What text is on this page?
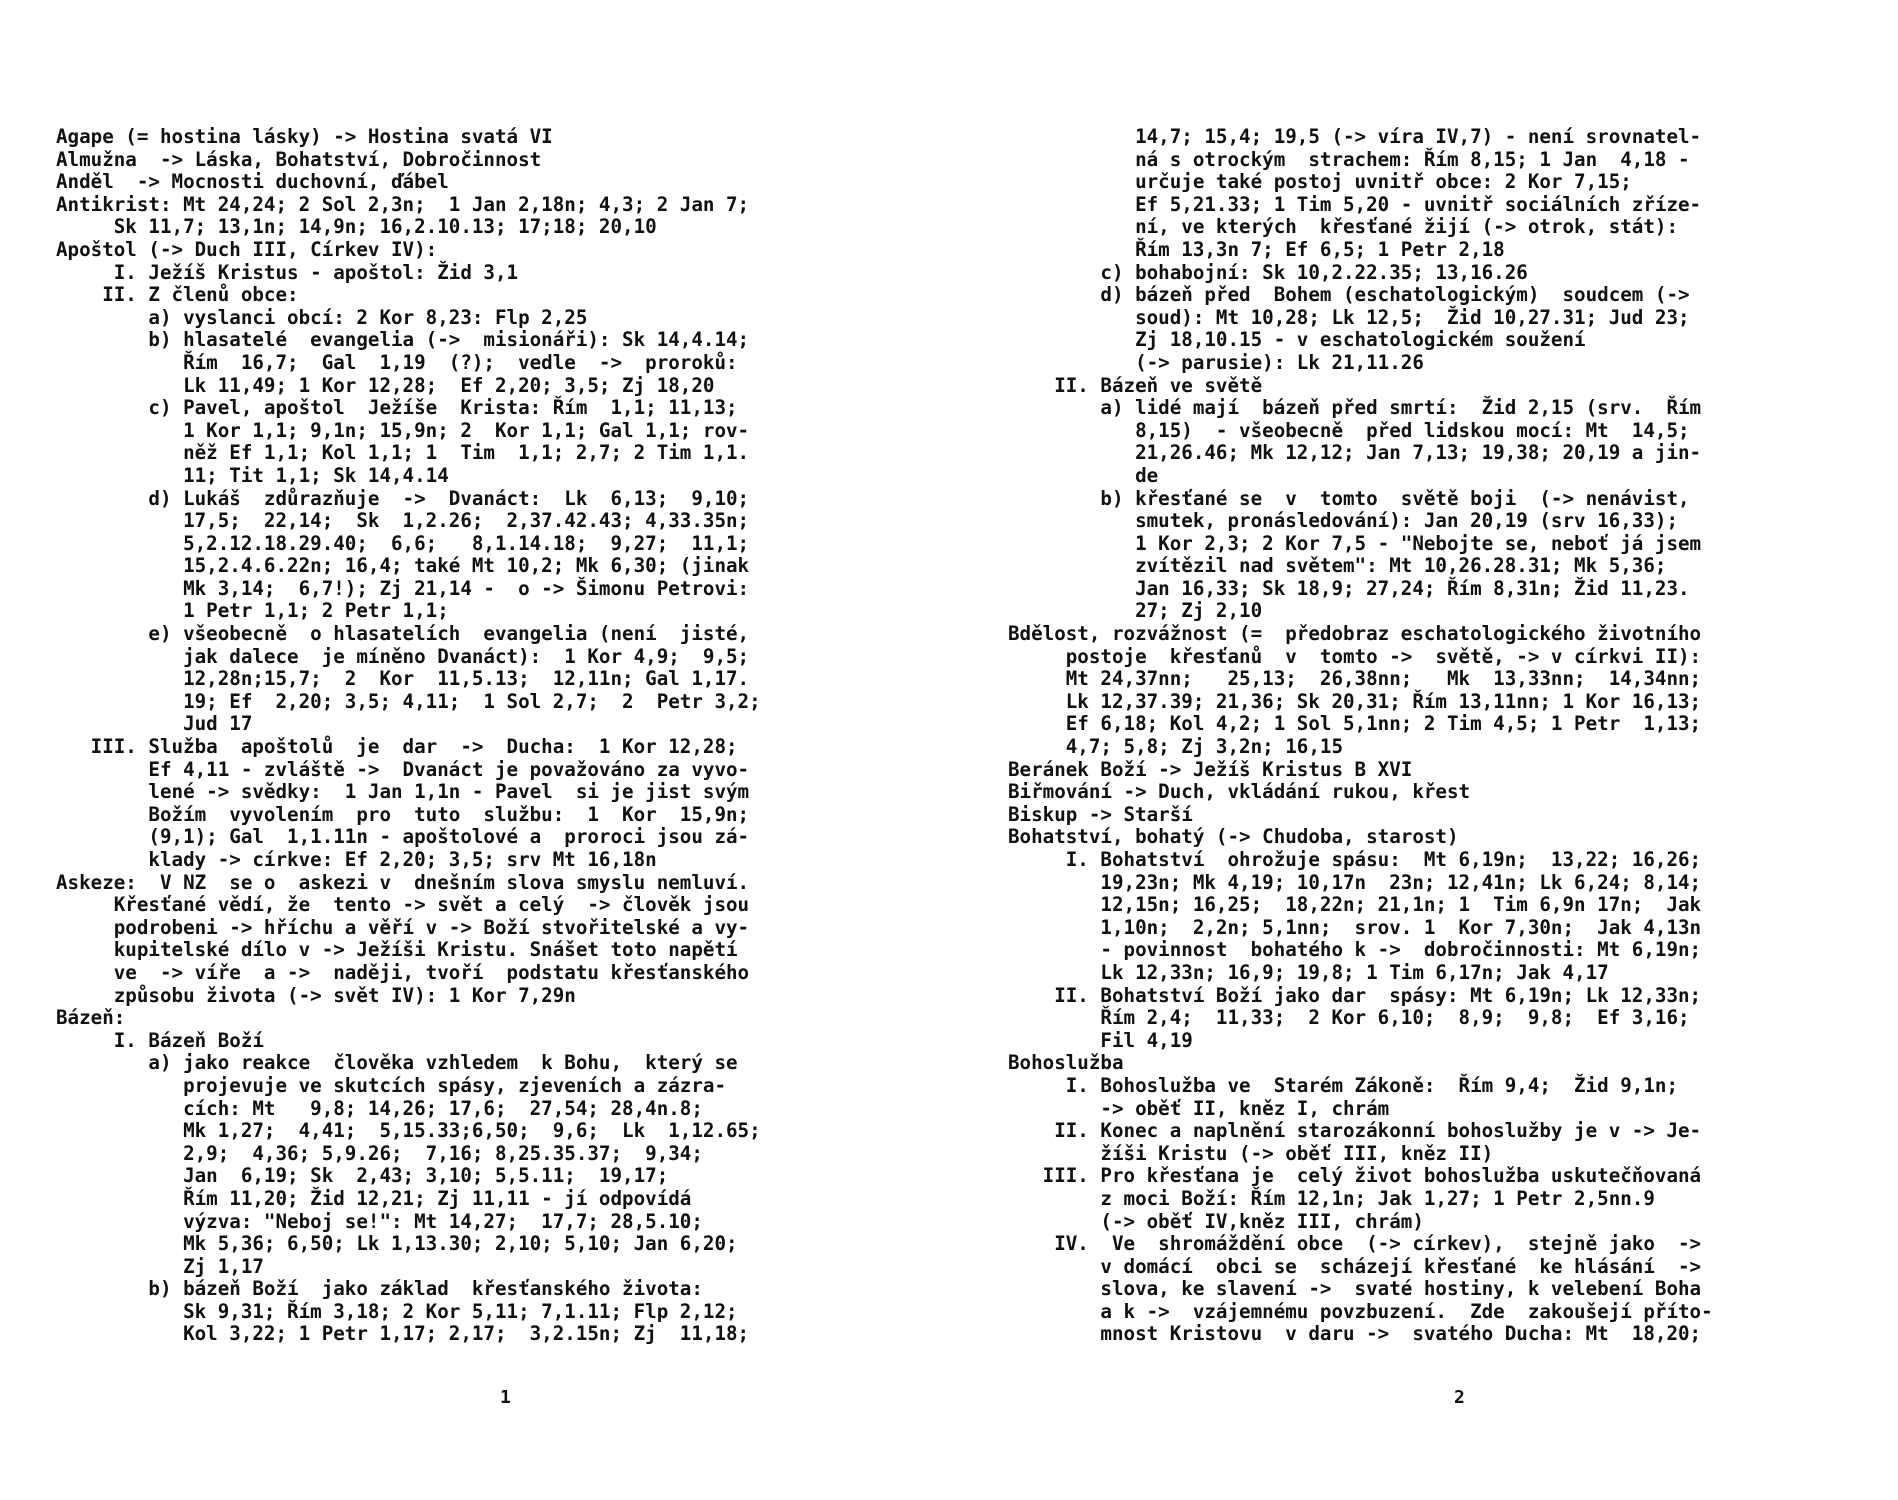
Agape (= hostina lásky) -> Hostina svatá VI
Almužna  -> Láska, Bohatství, Dobročinnost
Anděl  -> Mocnosti duchovní, ďábel
Antikrist: Mt 24,24; 2 Sol 2,3n;  1 Jan 2,18n; 4,3; 2 Jan 7;
Sk 11,7; 13,1n; 14,9n; 16,2.10.13; 17;18; 20,10
Apoštol (-> Duch III, Církev IV):
I. Ježíš Kristus - apoštol: Žid 3,1
II. Z členů obce:
a) vyslanci obcí: 2 Kor 8,23: Flp 2,25
b) hlasatelé  evangelia (->  misionáři): Sk 14,4.14;
Řím  16,7;  Gal  1,19  (?);  vedle  ->  proroků:
Lk 11,49; 1 Kor 12,28;  Ef 2,20; 3,5; Zj 18,20
c) Pavel, apoštol  Ježíše  Krista: Řím  1,1; 11,13;
1 Kor 1,1; 9,1n; 15,9n; 2  Kor 1,1; Gal 1,1; rov-
něž Ef 1,1; Kol 1,1; 1  Tim  1,1; 2,7; 2 Tim 1,1.
11; Tit 1,1; Sk 14,4.14
d) Lukáš  zdůrazňuje  ->  Dvanáct:  Lk  6,13;  9,10;
17,5;  22,14;  Sk  1,2.26;  2,37.42.43; 4,33.35n;
5,2.12.18.29.40;  6,6;   8,1.14.18;  9,27;  11,1;
15,2.4.6.22n; 16,4; také Mt 10,2; Mk 6,30; (jinak
Mk 3,14;  6,7!); Zj 21,14 -  o -> Šimonu Petrovi:
1 Petr 1,1; 2 Petr 1,1;
e) všeobecně  o hlasatelích  evangelia (není  jisté,
jak dalece  je míněno Dvanáct):  1 Kor 4,9;  9,5;
12,28n;15,7;  2  Kor  11,5.13;  12,11n; Gal 1,17.
19; Ef  2,20; 3,5; 4,11;  1 Sol 2,7;  2  Petr 3,2;
Jud 17
III. Služba  apoštolů  je  dar  ->  Ducha:  1 Kor 12,28;
Ef 4,11 - zvláště ->  Dvanáct je považováno za vyvo-
lené -> svědky:  1 Jan 1,1n - Pavel  si je jist svým
Božím  vyvolením  pro  tuto  službu:  1  Kor  15,9n;
(9,1); Gal  1,1.11n - apoštolové a  proroci jsou zá-
klady -> církve: Ef 2,20; 3,5; srv Mt 16,18n
Askeze:  V NZ  se o  askezi v  dnešním slova smyslu nemluví.
Křesťané vědí, že  tento -> svět a celý  -> člověk jsou
podrobeni -> hříchu a věří v -> Boží stvořitelské a vy-
kupitelské dílo v -> Ježíši Kristu. Snášet toto napětí
ve  -> víře  a ->  naději, tvoří  podstatu křesťanského
způsobu života (-> svět IV): 1 Kor 7,29n
Bázeň:
I. Bázeň Boží
a) jako reakce  člověka vzhledem  k Bohu,  který se
projevuje ve skutcích spásy, zjeveních a zázra-
cích: Mt   9,8; 14,26; 17,6;  27,54; 28,4n.8;
Mk 1,27;  4,41;  5,15.33;6,50;  9,6;  Lk  1,12.65;
2,9;  4,36; 5,9.26;  7,16; 8,25.35.37;  9,34;
Jan  6,19; Sk  2,43; 3,10; 5,5.11;  19,17;
Řím 11,20; Žid 12,21; Zj 11,11 - jí odpovídá
výzva: "Neboj se!": Mt 14,27;  17,7; 28,5.10;
Mk 5,36; 6,50; Lk 1,13.30; 2,10; 5,10; Jan 6,20;
Zj 1,17
b) bázeň Boží  jako základ  křesťanského života:
Sk 9,31; Řím 3,18; 2 Kor 5,11; 7,1.11; Flp 2,12;
Kol 3,22; 1 Petr 1,17; 2,17;  3,2.15n; Zj  11,18;
14,7; 15,4; 19,5 (-> víra IV,7) - není srovnatel-
ná s otrockým  strachem: Řím 8,15; 1 Jan  4,18 -
určuje také postoj uvnitř obce: 2 Kor 7,15;
Ef 5,21.33; 1 Tim 5,20 - uvnitř sociálních zříze-
ní, ve kterých  křesťané žijí (-> otrok, stát):
Řím 13,3n 7; Ef 6,5; 1 Petr 2,18
c) bohabojní: Sk 10,2.22.35; 13,16.26
d) bázeň před  Bohem (eschatologickým)  soudcem (->
soud): Mt 10,28; Lk 12,5;  Žid 10,27.31; Jud 23;
Zj 18,10.15 - v eschatologickém soužení
(-> parusie): Lk 21,11.26
II. Bázeň ve světě
a) lidé mají  bázeň před smrtí:  Žid 2,15 (srv.  Řím
8,15)  - všeobecně  před lidskou mocí: Mt  14,5;
21,26.46; Mk 12,12; Jan 7,13; 19,38; 20,19 a jin-
de
b) křesťané se  v  tomto  světě boji  (-> nenávist,
smutek, pronásledování): Jan 20,19 (srv 16,33);
1 Kor 2,3; 2 Kor 7,5 - "Nebojte se, neboť já jsem
zvítězil nad světem": Mt 10,26.28.31; Mk 5,36;
Jan 16,33; Sk 18,9; 27,24; Řím 8,31n; Žid 11,23.
27; Zj 2,10
Bdělost, rozvážnost (=  předobraz eschatologického životního
postoje  křesťanů  v  tomto ->  světě, -> v církvi II):
Mt 24,37nn;   25,13;  26,38nn;   Mk  13,33nn;  14,34nn;
Lk 12,37.39; 21,36; Sk 20,31; Řím 13,11nn; 1 Kor 16,13;
Ef 6,18; Kol 4,2; 1 Sol 5,1nn; 2 Tim 4,5; 1 Petr  1,13;
4,7; 5,8; Zj 3,2n; 16,15
Beránek Boží -> Ježíš Kristus B XVI
Biřmování -> Duch, vkládání rukou, křest
Biskup -> Starší
Bohatství, bohatý (-> Chudoba, starost)
I. Bohatství  ohrožuje spásu:  Mt 6,19n;  13,22; 16,26;
19,23n; Mk 4,19; 10,17n  23n; 12,41n; Lk 6,24; 8,14;
12,15n; 16,25;  18,22n; 21,1n; 1  Tim 6,9n 17n;  Jak
1,10n;  2,2n; 5,1nn;  srov. 1  Kor 7,30n;  Jak 4,13n
- povinnost  bohatého k ->  dobročinnosti: Mt 6,19n;
Lk 12,33n; 16,9; 19,8; 1 Tim 6,17n; Jak 4,17
II. Bohatství Boží jako dar  spásy: Mt 6,19n; Lk 12,33n;
Řím 2,4;  11,33;  2 Kor 6,10;  8,9;  9,8;  Ef 3,16;
Fil 4,19
Bohoslužba
I. Bohoslužba ve  Starém Zákoně:  Řím 9,4;  Žid 9,1n;
-> oběť II, kněz I, chrám
II. Konec a naplnění starozákonní bohoslužby je v -> Je-
žíši Kristu (-> oběť III, kněz II)
III. Pro křesťana je  celý život bohoslužba uskutečňovaná
z moci Boží: Řím 12,1n; Jak 1,27; 1 Petr 2,5nn.9
(-> oběť IV,kněz III, chrám)
IV.  Ve  shromáždění obce  (-> církev),  stejně jako  ->
v domácí  obci se  scházejí křesťané  ke hlásání  ->
slova, ke slavení ->  svaté hostiny, k velebení Boha
a k ->  vzájemnému povzbuzení.  Zde  zakoušejí příto-
mnost Kristovu  v daru ->  svatého Ducha: Mt  18,20;
1	2
